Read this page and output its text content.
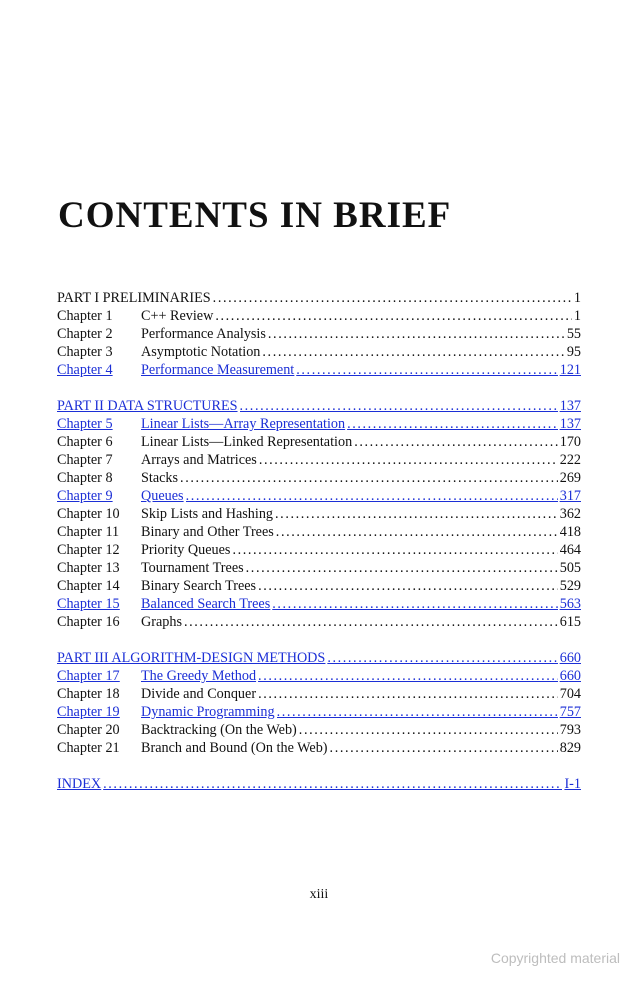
CONTENTS IN BRIEF
PART I PRELIMINARIES .....	1
Chapter 1	C++ Review .....	1
Chapter 2	Performance Analysis .....	55
Chapter 3	Asymptotic Notation .....	95
Chapter 4	Performance Measurement .....	121
PART II DATA STRUCTURES .....	137
Chapter 5	Linear Lists—Array Representation .....	137
Chapter 6	Linear Lists—Linked Representation .....	170
Chapter 7	Arrays and Matrices .....	222
Chapter 8	Stacks .....	269
Chapter 9	Queues .....	317
Chapter 10	Skip Lists and Hashing .....	362
Chapter 11	Binary and Other Trees .....	418
Chapter 12	Priority Queues .....	464
Chapter 13	Tournament Trees .....	505
Chapter 14	Binary Search Trees .....	529
Chapter 15	Balanced Search Trees .....	563
Chapter 16	Graphs .....	615
PART III ALGORITHM-DESIGN METHODS .....	660
Chapter 17	The Greedy Method .....	660
Chapter 18	Divide and Conquer .....	704
Chapter 19	Dynamic Programming .....	757
Chapter 20	Backtracking (On the Web) .....	793
Chapter 21	Branch and Bound (On the Web) .....	829
INDEX .....	I-1
xiii
Copyrighted material
